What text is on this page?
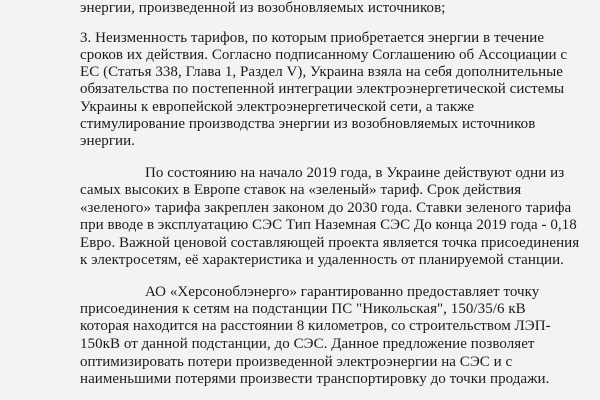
энергии, произведенной из возобновляемых источников;
3. Неизменность тарифов, по которым приобретается энергии в течение
сроков их действия. Согласно подписанному Соглашению об Ассоциации с
ЕС (Статья 338, Глава 1, Раздел V), Украина взяла на себя дополнительные
обязательства по постепенной интеграции электроэнергетической системы
Украины к европейской электроэнергетической сети, а также
стимулирование производства энергии из возобновляемых источников
энергии.
По состоянию на начало 2019 года, в Украине действуют одни из
самых высоких в Европе ставок на «зеленый» тариф. Срок действия
«зеленого» тарифа закреплен законом до 2030 года. Ставки зеленого тарифа
при вводе в эксплуатацию СЭС Тип Наземная СЭС До конца 2019 года - 0,18
Евро. Важной ценовой составляющей проекта является точка присоединения
к электросетям, её характеристика и удаленность от планируемой станции.
АО «Херсоноблэнерго» гарантированно предоставляет точку
присоединения к сетям на подстанции ПС "Никольская", 150/35/6 кВ
которая находится на расстоянии 8 километров, со строительством ЛЭП-
150кВ от данной подстанции, до СЭС. Данное предложение позволяет
оптимизировать потери произведенной электроэнергии на СЭС и с
наименьшими потерями произвести транспортировку до точки продажи.
